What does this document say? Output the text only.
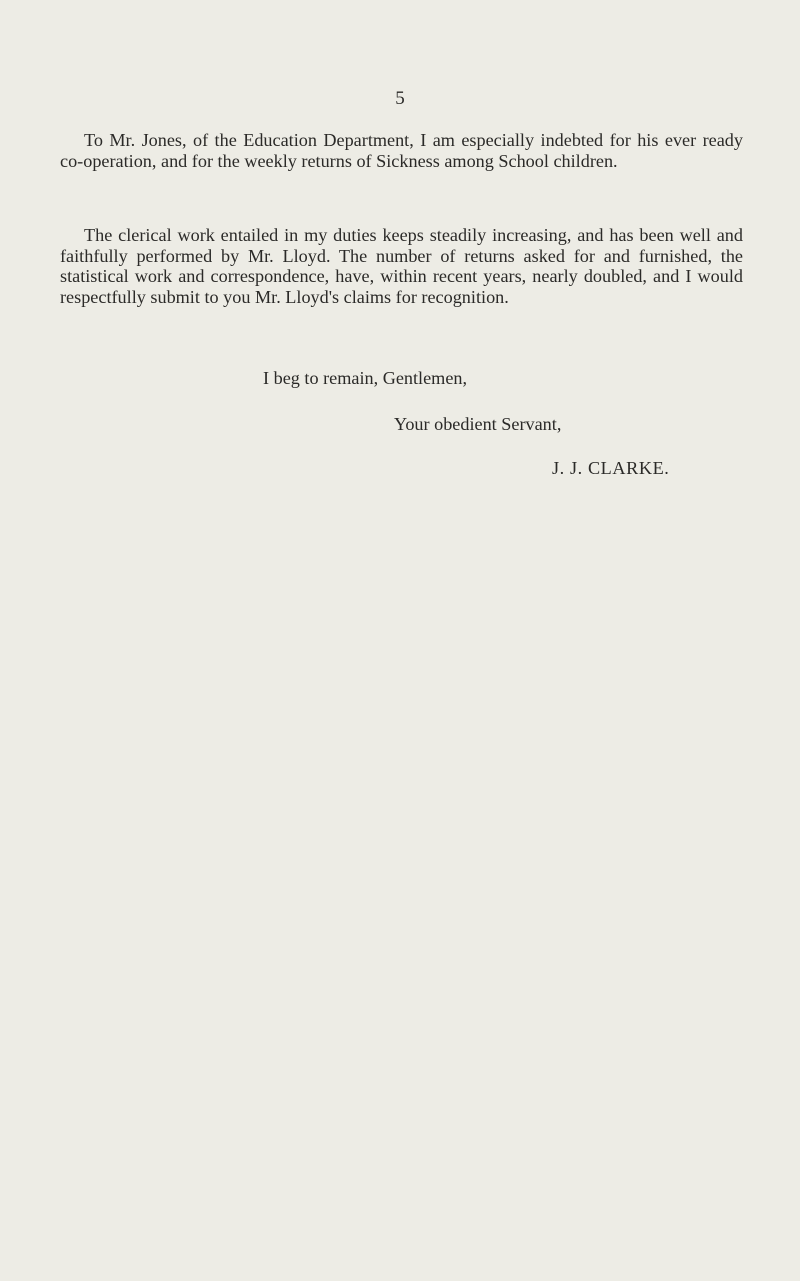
5

To Mr. Jones, of the Education Department, I am especially indebted for his ever ready co-operation, and for the weekly returns of Sickness among School children.

The clerical work entailed in my duties keeps steadily increasing, and has been well and faithfully performed by Mr. Lloyd. The number of returns asked for and furnished, the statistical work and correspondence, have, within recent years, nearly doubled, and I would respectfully submit to you Mr. Lloyd's claims for recognition.

I beg to remain, Gentlemen,
Your obedient Servant,
J. J. CLARKE.
